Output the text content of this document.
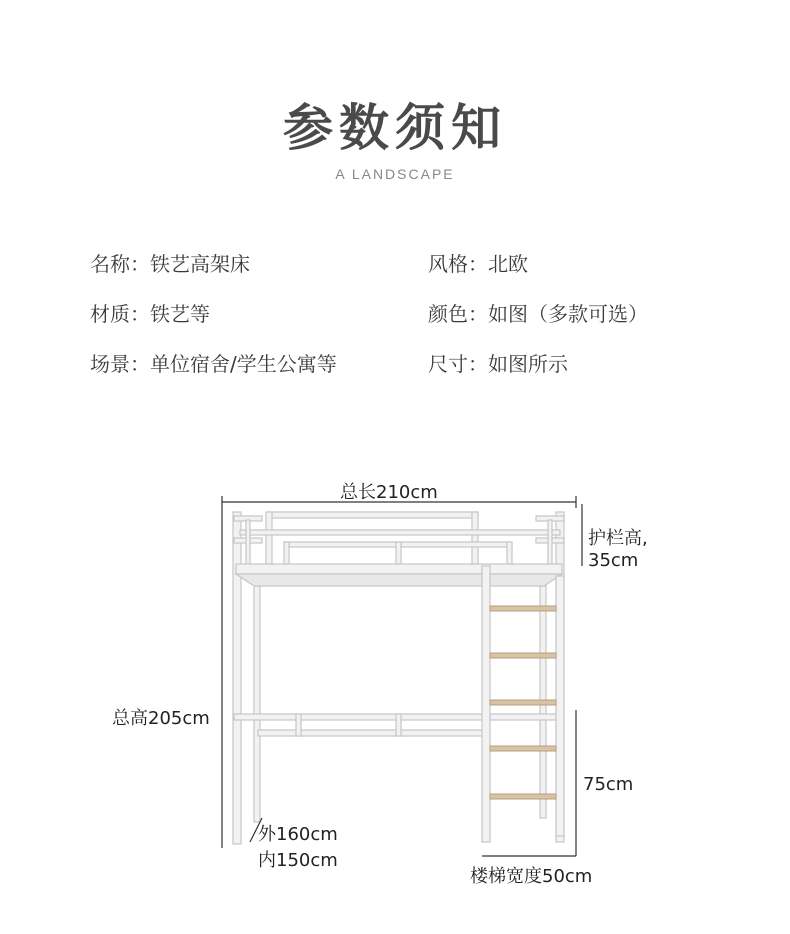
参数须知
A LANDSCAPE
名称：铁艺高架床	风格：北欧
材质：铁艺等	颜色：如图（多款可选）
场景：单位宿舍/学生公寓等	尺寸：如图所示
总长210cm
护栏高,
35cm
总高205cm
75cm
外160cm
内150cm
楼梯宽度50cm
